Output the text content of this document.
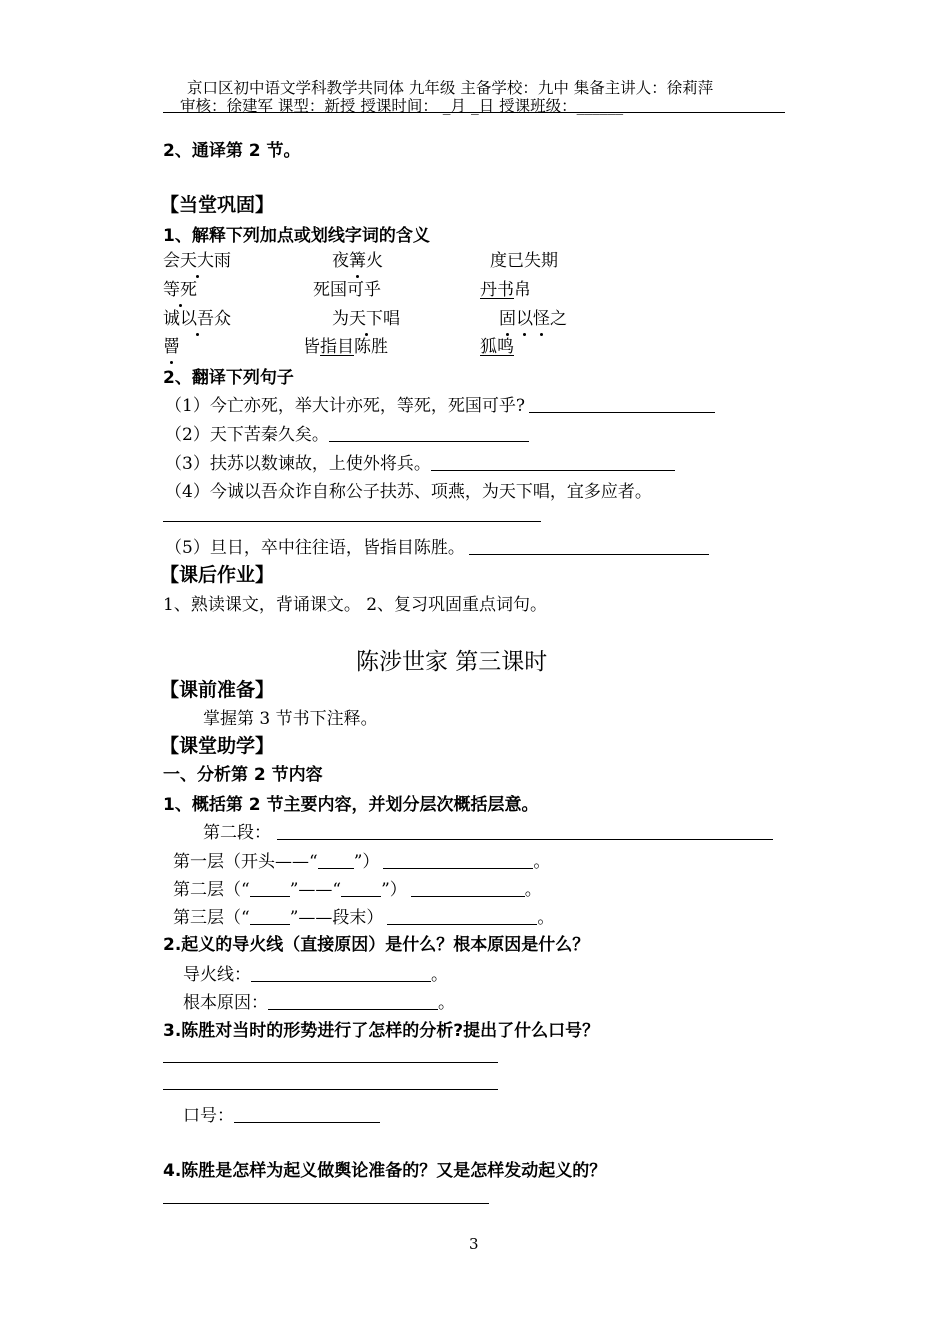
京口区初中语文学科教学共同体 九年级 主备学校：九中 集备主讲人：徐莉萍
审核：徐建军 课型：新授 授课时间： _月 _日 授课班级：______
2、通译第 2 节。
【当堂巩固】
1、解释下列加点或划线字词的含义
会天大雨	夜篝火	度已失期
等死	死国可乎	丹书帛
诚以吾众	为天下唱	固以怪之
罾	皆指目陈胜	狐鸣
2、翻译下列句子
（1）今亡亦死，举大计亦死，等死，死国可乎?
（2）天下苦秦久矣。
（3）扶苏以数谏故，上使外将兵。
（4）今诚以吾众诈自称公子扶苏、项燕，为天下唱，宜多应者。
（5）旦日，卒中往往语，皆指目陈胜。
【课后作业】
1、熟读课文，背诵课文。 2、复习巩固重点词句。
陈涉世家 第三课时
【课前准备】
掌握第 3 节书下注释。
【课堂助学】
一、分析第 2 节内容
1、概括第 2 节主要内容，并划分层次概括层意。
第二段：
第一层（开头——“ ”）	。
第二层（“ ”——“ ”）	。
第三层（“ ”——段末）	。
2.起义的导火线（直接原因）是什么？根本原因是什么？
导火线：	。
根本原因：	。
3.陈胜对当时的形势进行了怎样的分析?提出了什么口号？
口号：
4.陈胜是怎样为起义做舆论准备的？又是怎样发动起义的？
3
